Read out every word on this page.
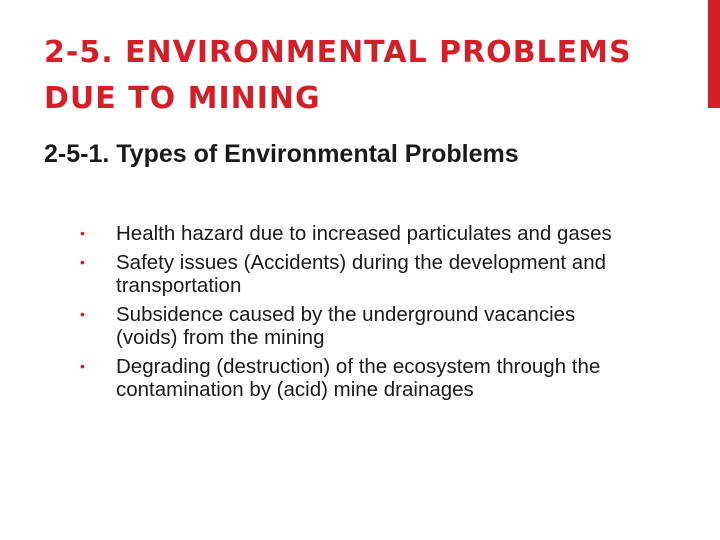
2-5. ENVIRONMENTAL PROBLEMS DUE TO MINING
2-5-1. Types of Environmental Problems
•	Health hazard due to increased particulates and gases
•	Safety issues (Accidents) during the development and transportation
•	Subsidence caused by the underground vacancies (voids) from the mining
•	Degrading (destruction) of the ecosystem through the contamination by (acid) mine drainages
